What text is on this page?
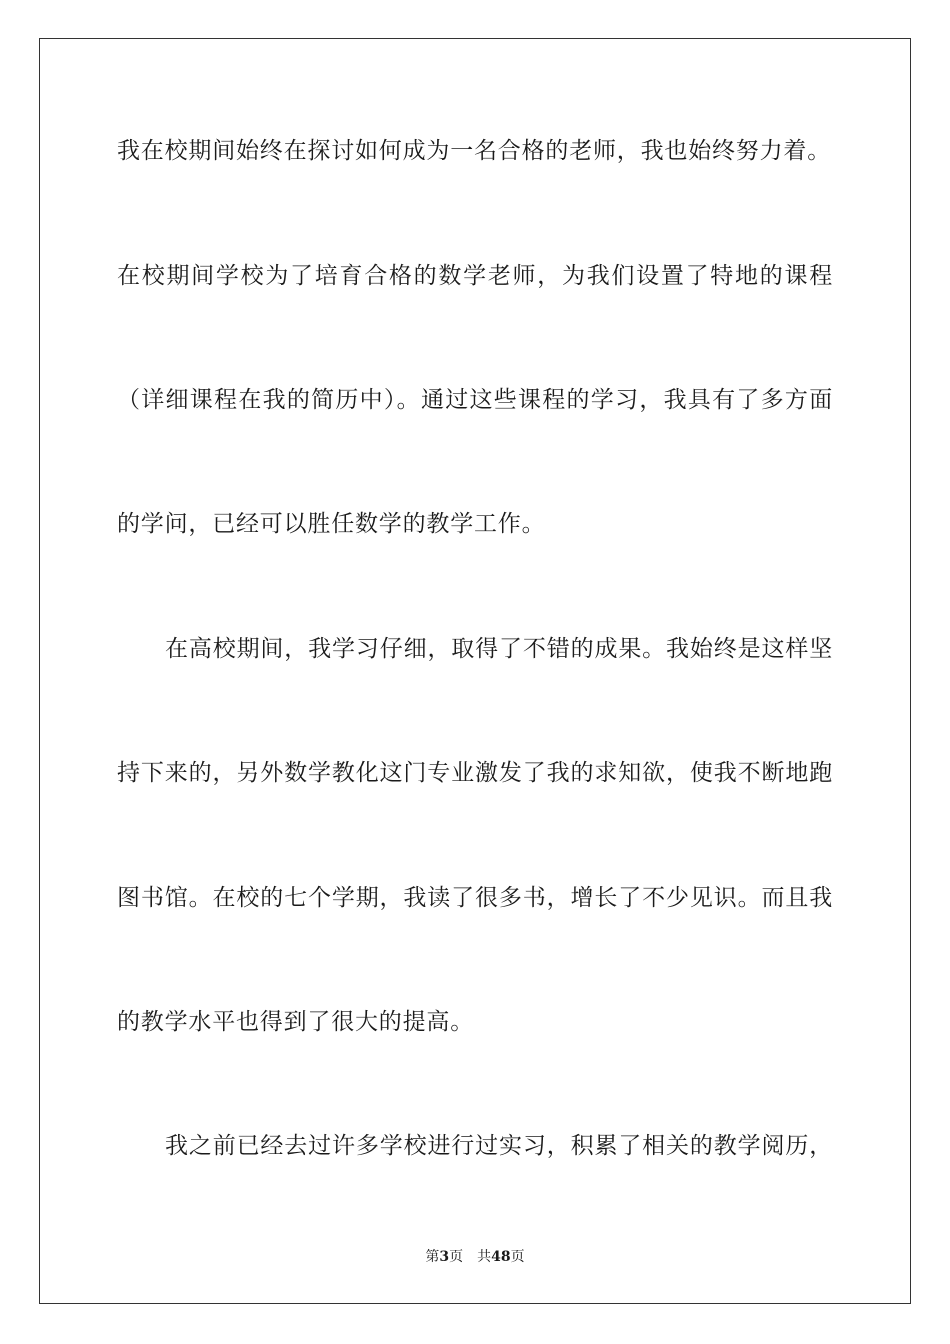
我在校期间始终在探讨如何成为一名合格的老师，我也始终努力着。
在校期间学校为了培育合格的数学老师，为我们设置了特地的课程
（详细课程在我的简历中）。通过这些课程的学习，我具有了多方面
的学问，已经可以胜任数学的教学工作。
在高校期间，我学习仔细，取得了不错的成果。我始终是这样坚
持下来的，另外数学教化这门专业激发了我的求知欲，使我不断地跑
图书馆。在校的七个学期，我读了很多书，增长了不少见识。而且我
的教学水平也得到了很大的提高。
我之前已经去过许多学校进行过实习，积累了相关的教学阅历，
第3页 共48页
